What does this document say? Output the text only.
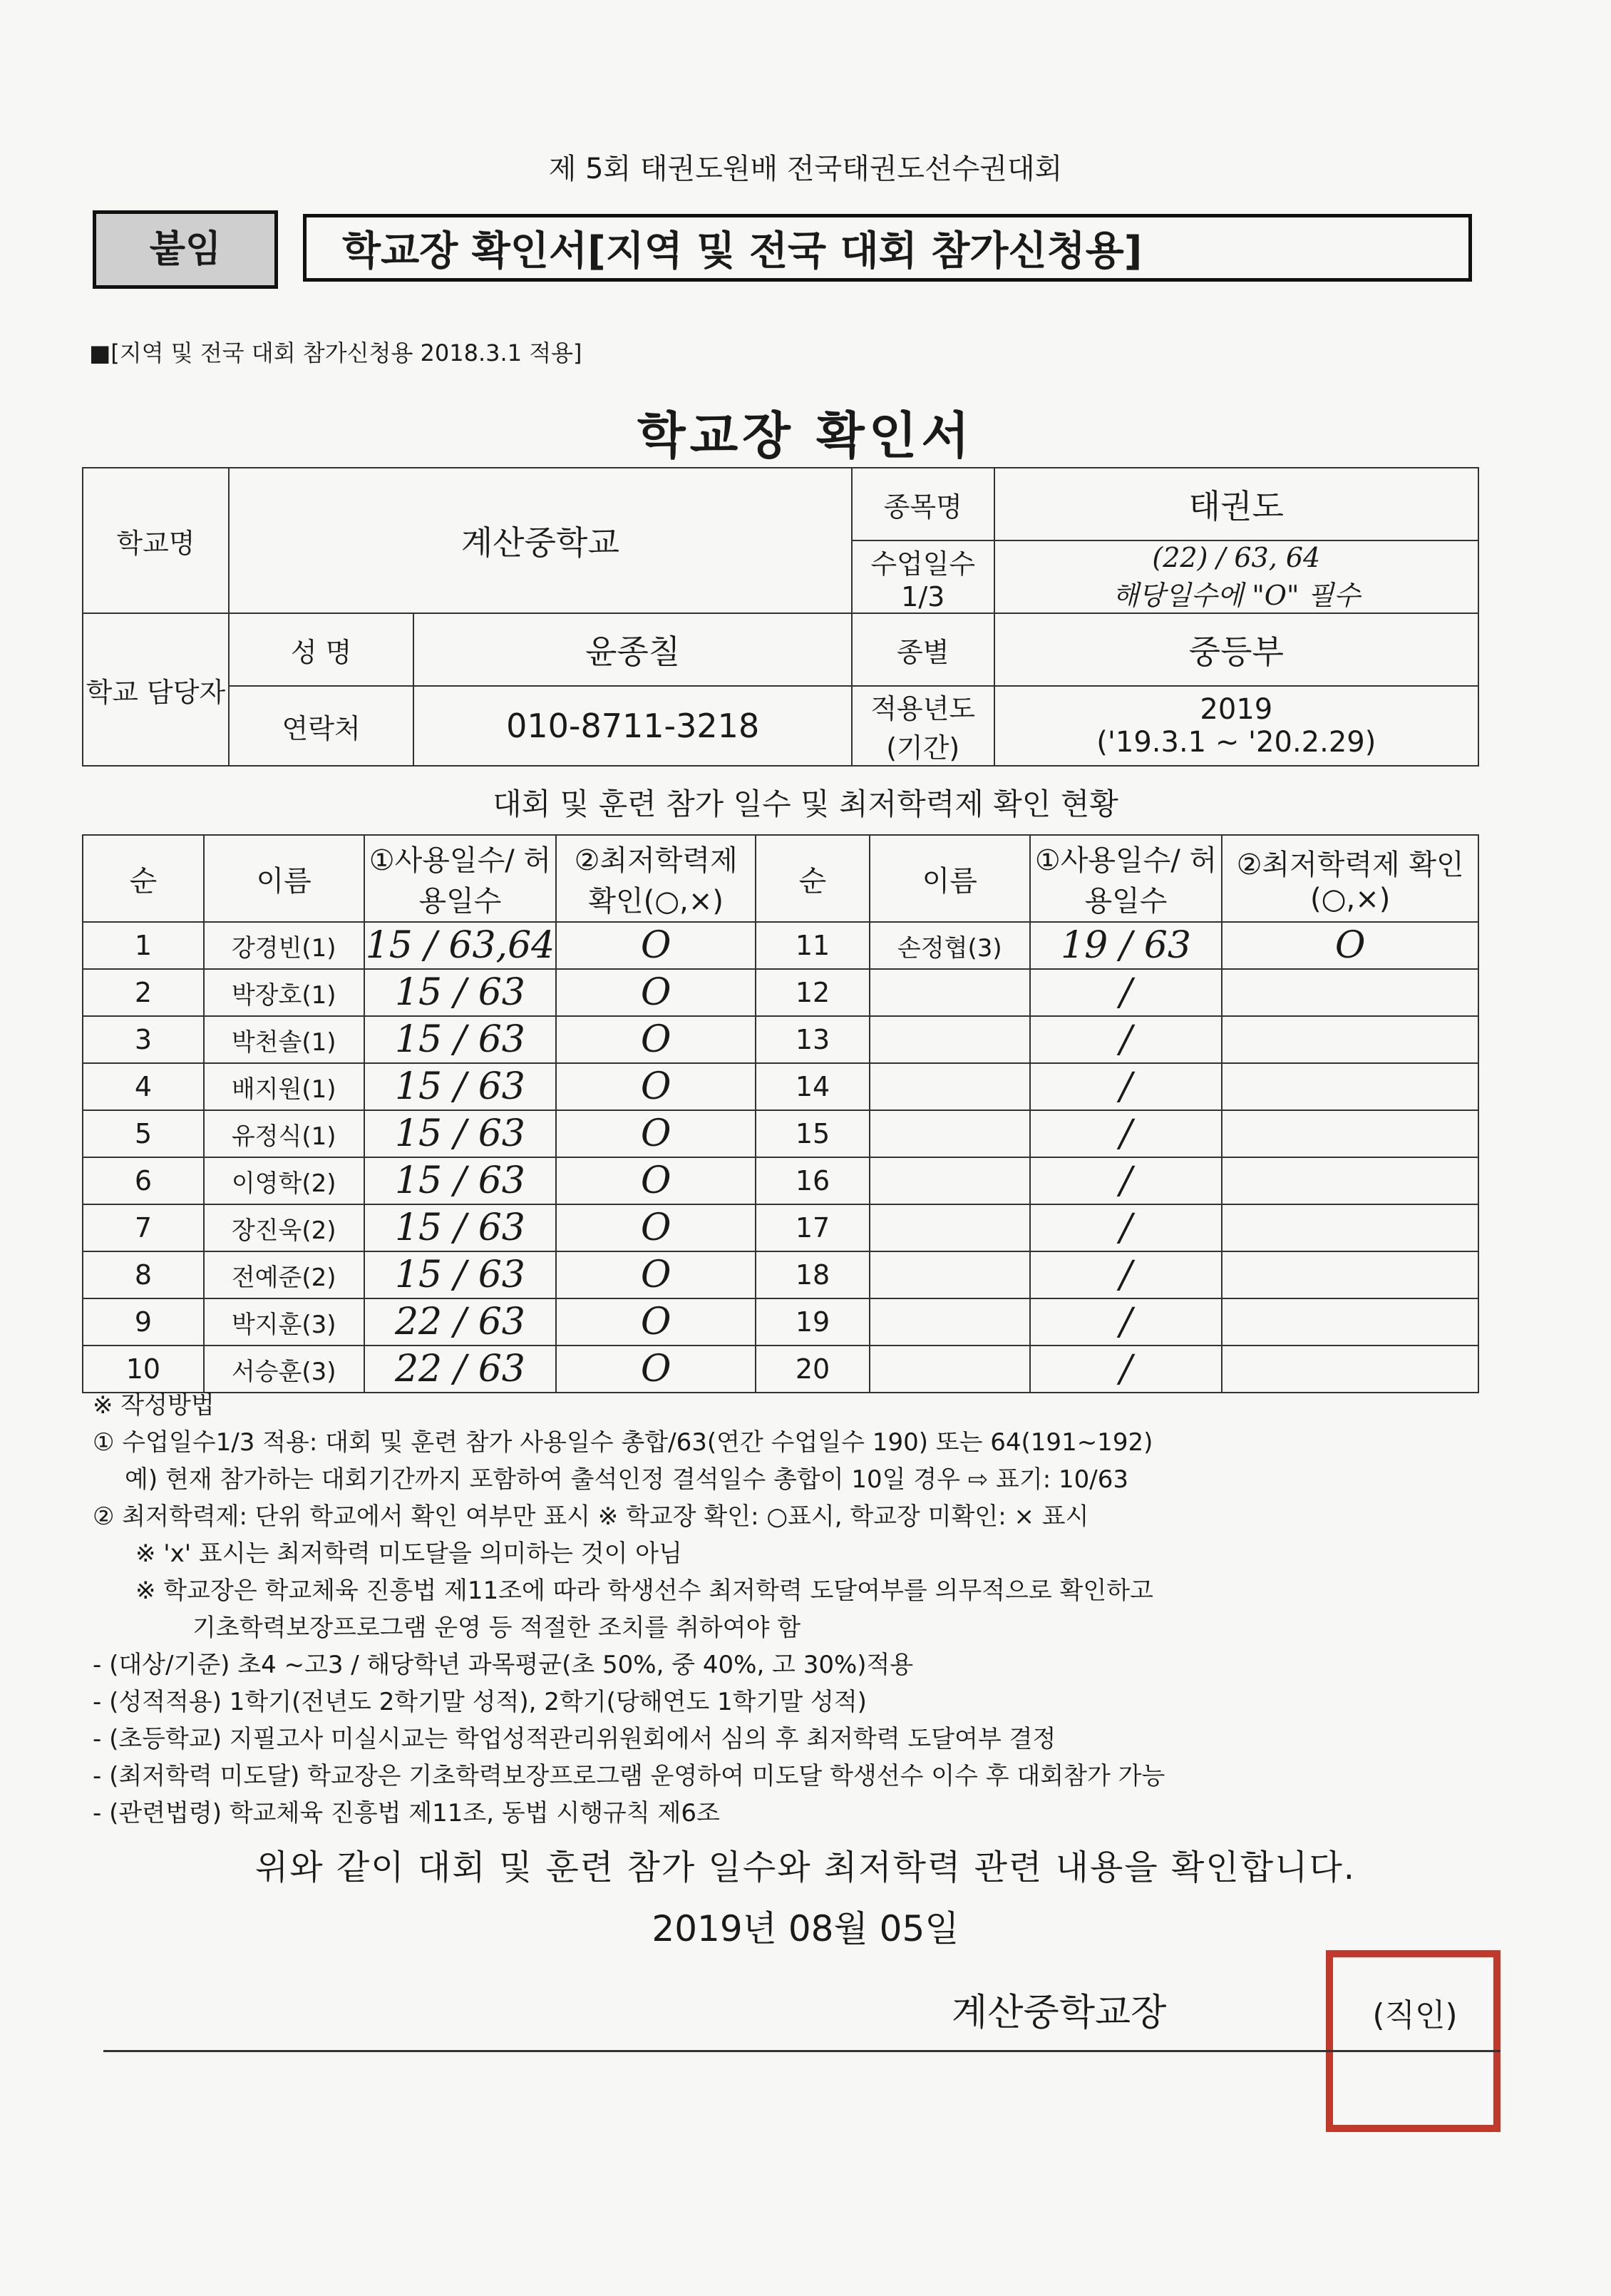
제 5회 태권도원배 전국태권도선수권대회
붙임	학교장 확인서[지역 및 전국 대회 참가신청용]
■[지역 및 전국 대회 참가신청용 2018.3.1 적용]
학교장 확인서
학교명	계산중학교		종목명	태권도
			수업일수 1/3	(22) / 63, 64
해당일수에 "O" 필수

학교 담당자	성 명	윤종칠	종별	중등부
	연락처	010-8711-3218	적용년도 (기간)	2019
('19.3.1 ~ '20.2.29)
대회 및 훈련 참가 일수 및 최저학력제 확인 현황
순	이름	①사용일수/ 허용일수	②최저학력제 확인(○,×)	순	이름	①사용일수/ 허용일수	②최저학력제 확인(○,×)
1	강경빈(1)	15 / 63,64	O	11	손정협(3)	19 / 63	O
2	박장호(1)	15 / 63	O	12		/	
3	박천솔(1)	15 / 63	O	13		/	
4	배지원(1)	15 / 63	O	14		/	
5	유정식(1)	15 / 63	O	15		/	
6	이영학(2)	15 / 63	O	16		/	
7	장진욱(2)	15 / 63	O	17		/	
8	전예준(2)	15 / 63	O	18		/	
9	박지훈(3)	22 / 63	O	19		/	
10	서승훈(3)	22 / 63	O	20		/	
※ 작성방법
① 수업일수1/3 적용: 대회 및 훈련 참가 사용일수 총합/63(연간 수업일수 190) 또는 64(191~192)
예) 현재 참가하는 대회기간까지 포함하여 출석인정 결석일수 총합이 10일 경우 ⇨ 표기: 10/63
② 최저학력제: 단위 학교에서 확인 여부만 표시 ※ 학교장 확인: ○표시, 학교장 미확인: × 표시
※ 'x' 표시는 최저학력 미도달을 의미하는 것이 아님
※ 학교장은 학교체육 진흥법 제11조에 따라 학생선수 최저학력 도달여부를 의무적으로 확인하고
기초학력보장프로그램 운영 등 적절한 조치를 취하여야 함
- (대상/기준) 초4 ~고3 / 해당학년 과목평균(초 50%, 중 40%, 고 30%)적용
- (성적적용) 1학기(전년도 2학기말 성적), 2학기(당해연도 1학기말 성적)
- (초등학교) 지필고사 미실시교는 학업성적관리위원회에서 심의 후 최저학력 도달여부 결정
- (최저학력 미도달) 학교장은 기초학력보장프로그램 운영하여 미도달 학생선수 이수 후 대회참가 가능
- (관련법령) 학교체육 진흥법 제11조, 동법 시행규칙 제6조
위와 같이 대회 및 훈련 참가 일수와 최저학력 관련 내용을 확인합니다.
2019년 08월 05일
계산중학교장	(직인)
